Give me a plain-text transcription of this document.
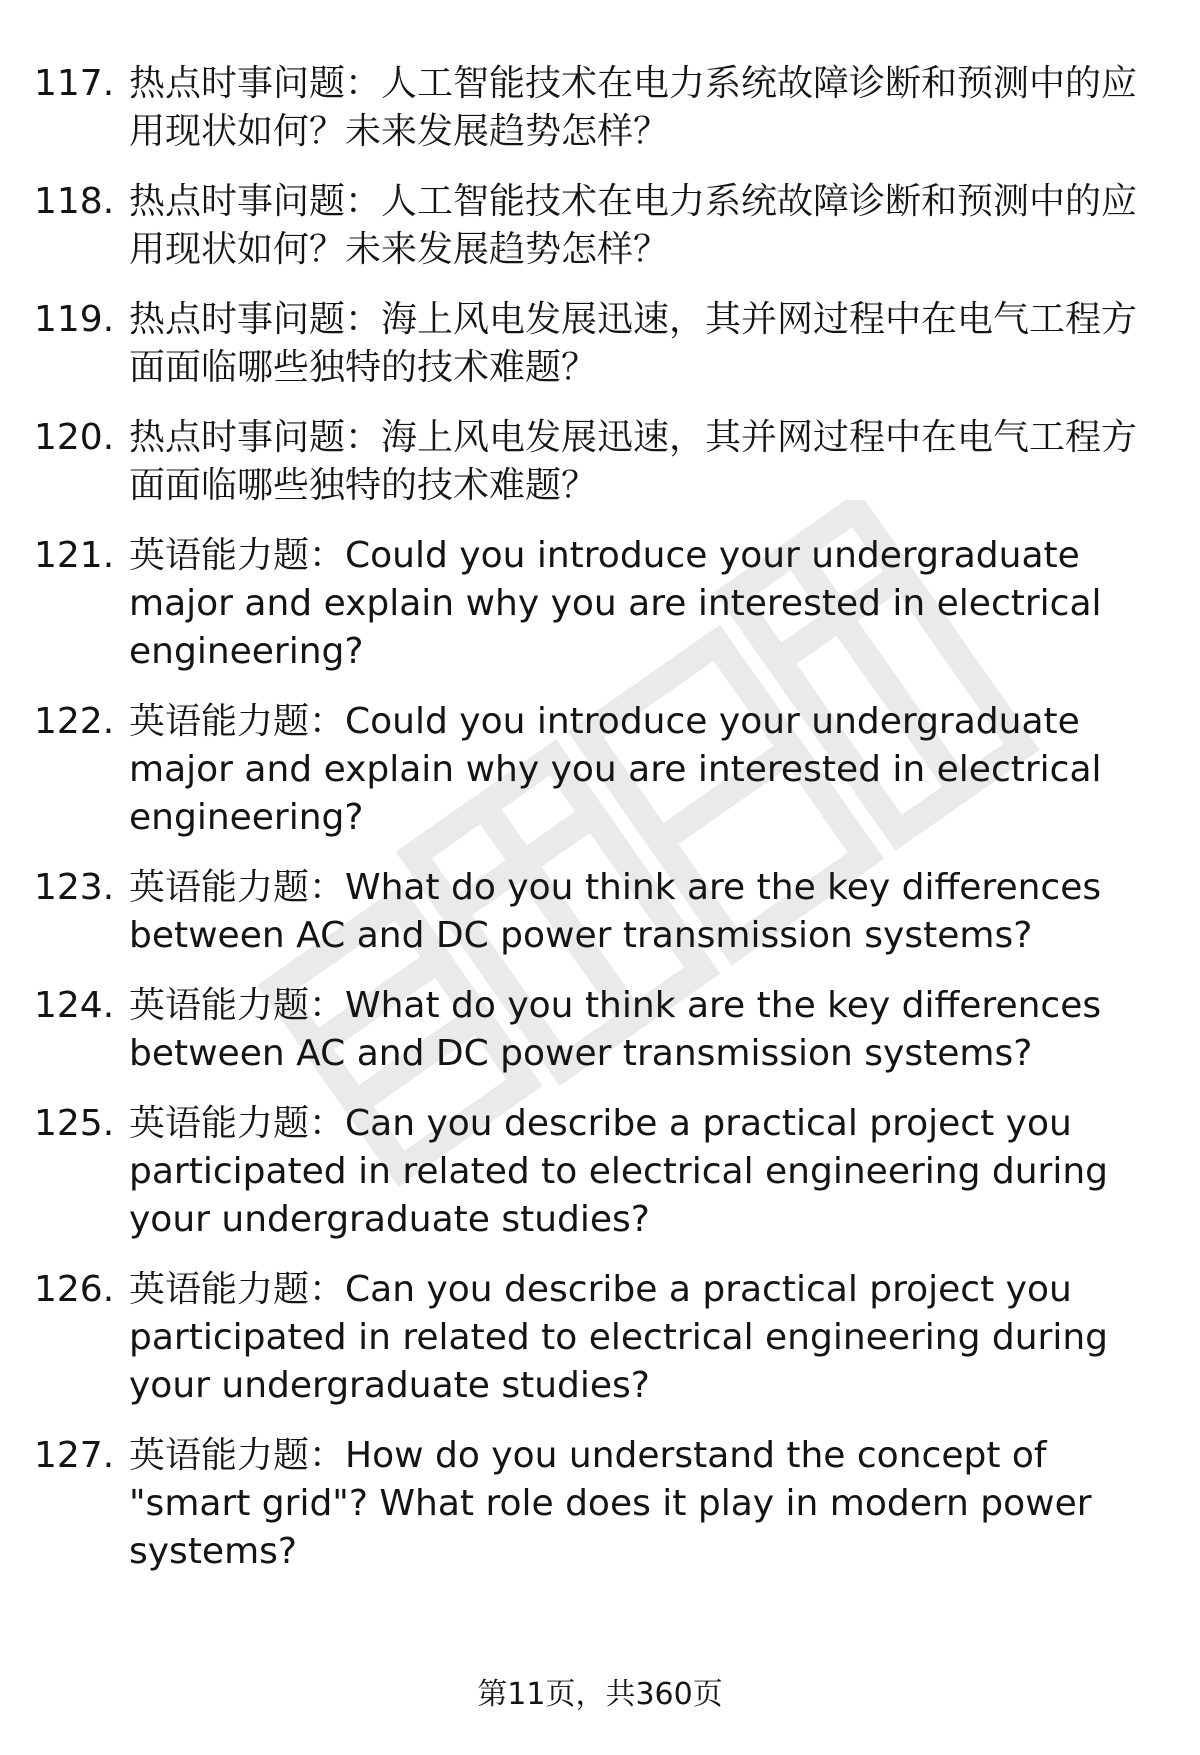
117. 热点时事问题：人工智能技术在电力系统故障诊断和预测中的应用现状如何？未来发展趋势怎样？
118. 热点时事问题：人工智能技术在电力系统故障诊断和预测中的应用现状如何？未来发展趋势怎样？
119. 热点时事问题：海上风电发展迅速，其并网过程中在电气工程方面面临哪些独特的技术难题？
120. 热点时事问题：海上风电发展迅速，其并网过程中在电气工程方面面临哪些独特的技术难题？
121. 英语能力题：Could you introduce your undergraduate major and explain why you are interested in electrical engineering?
122. 英语能力题：Could you introduce your undergraduate major and explain why you are interested in electrical engineering?
123. 英语能力题：What do you think are the key differences between AC and DC power transmission systems?
124. 英语能力题：What do you think are the key differences between AC and DC power transmission systems?
125. 英语能力题：Can you describe a practical project you participated in related to electrical engineering during your undergraduate studies?
126. 英语能力题：Can you describe a practical project you participated in related to electrical engineering during your undergraduate studies?
127. 英语能力题：How do you understand the concept of "smart grid"? What role does it play in modern power systems?
第11页，共360页
